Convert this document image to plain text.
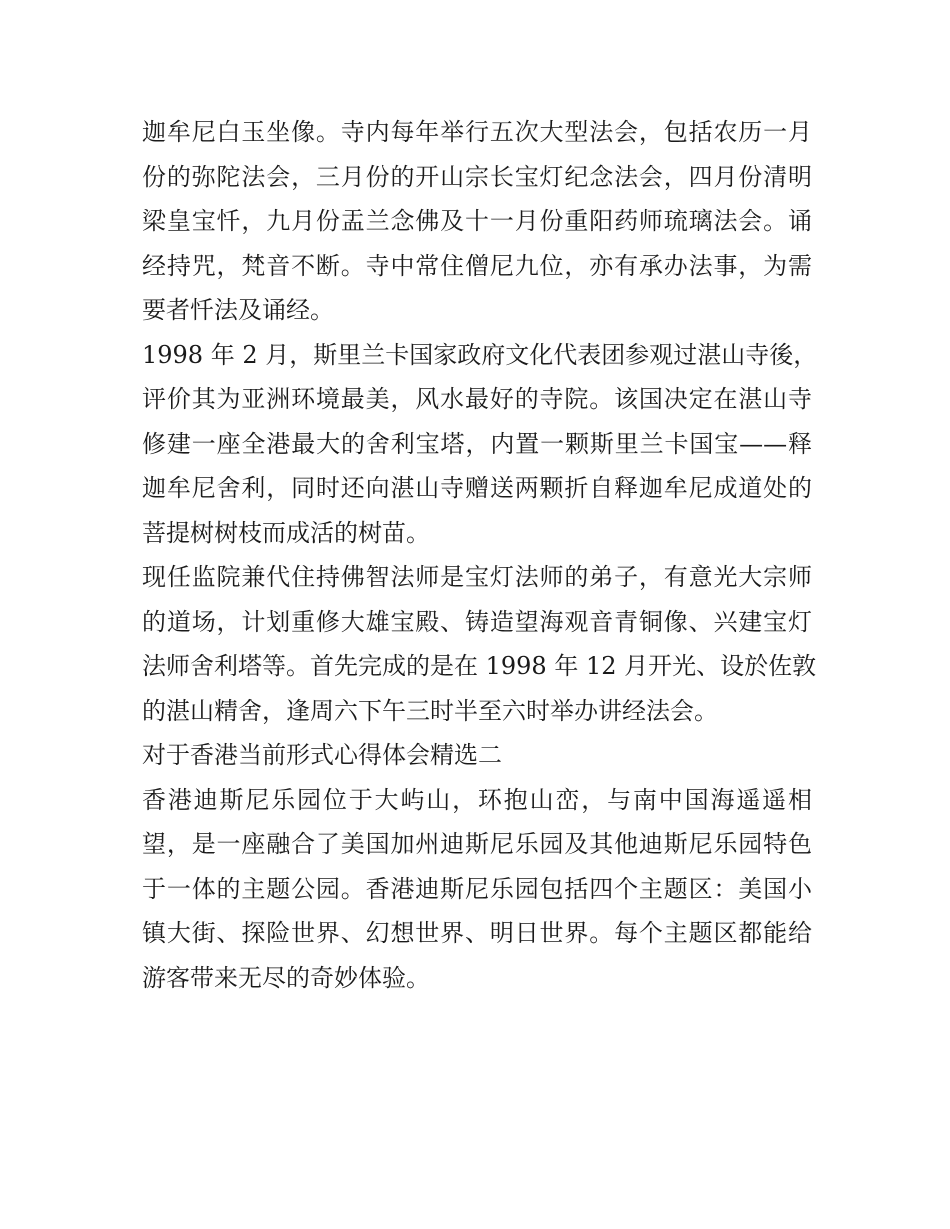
迦牟尼白玉坐像。寺内每年举行五次大型法会，包括农历一月
份的弥陀法会，三月份的开山宗长宝灯纪念法会，四月份清明
梁皇宝忏，九月份盂兰念佛及十一月份重阳药师琉璃法会。诵
经持咒，梵音不断。寺中常住僧尼九位，亦有承办法事，为需
要者忏法及诵经。
1998 年 2 月，斯里兰卡国家政府文化代表团参观过湛山寺後，
评价其为亚洲环境最美，风水最好的寺院。该国决定在湛山寺
修建一座全港最大的舍利宝塔，内置一颗斯里兰卡国宝——释
迦牟尼舍利，同时还向湛山寺赠送两颗折自释迦牟尼成道处的
菩提树树枝而成活的树苗。
现任监院兼代住持佛智法师是宝灯法师的弟子，有意光大宗师
的道场，计划重修大雄宝殿、铸造望海观音青铜像、兴建宝灯
法师舍利塔等。首先完成的是在 1998 年 12 月开光、设於佐敦
的湛山精舍，逢周六下午三时半至六时举办讲经法会。
对于香港当前形式心得体会精选二
香港迪斯尼乐园位于大屿山，环抱山峦，与南中国海遥遥相
望，是一座融合了美国加州迪斯尼乐园及其他迪斯尼乐园特色
于一体的主题公园。香港迪斯尼乐园包括四个主题区：美国小
镇大街、探险世界、幻想世界、明日世界。每个主题区都能给
游客带来无尽的奇妙体验。
